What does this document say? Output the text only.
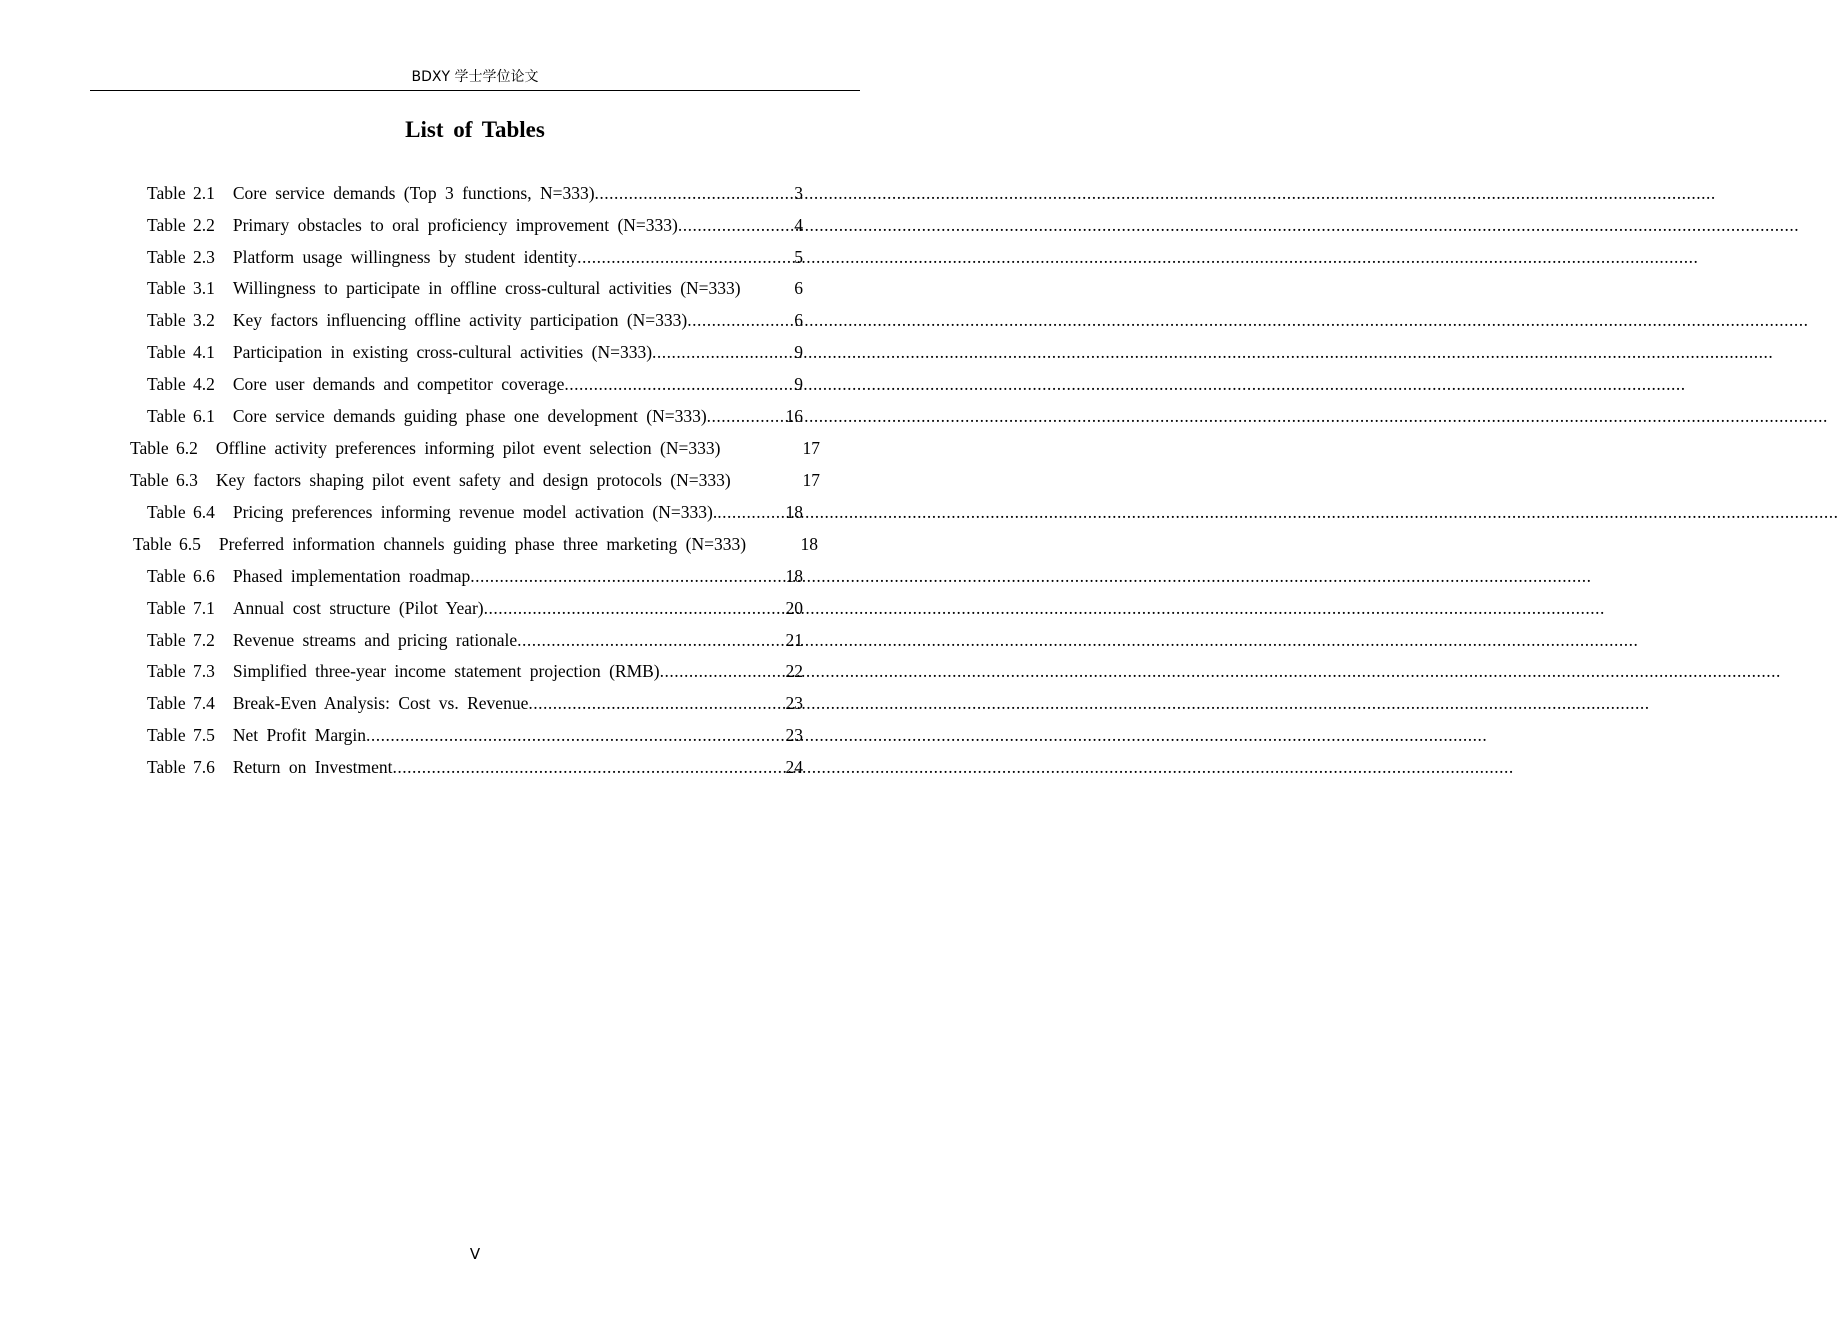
BDXY 学士学位论文
List of Tables
Table 2.1 Core service demands (Top 3 functions, N=333) .....	3
Table 2.2 Primary obstacles to oral proficiency improvement (N=333) .....	4
Table 2.3 Platform usage willingness by student identity .....	5
Table 3.1 Willingness to participate in offline cross-cultural activities (N=333)	6
Table 3.2 Key factors influencing offline activity participation (N=333) .....	6
Table 4.1 Participation in existing cross-cultural activities (N=333) .....	9
Table 4.2 Core user demands and competitor coverage .....	9
Table 6.1 Core service demands guiding phase one development (N=333) .....	16
Table 6.2 Offline activity preferences informing pilot event selection (N=333)	17
Table 6.3 Key factors shaping pilot event safety and design protocols (N=333)	17
Table 6.4 Pricing preferences informing revenue model activation (N=333). .....	18
Table 6.5 Preferred information channels guiding phase three marketing (N=333)	18
Table 6.6 Phased implementation roadmap .....	18
Table 7.1 Annual cost structure (Pilot Year) .....	20
Table 7.2 Revenue streams and pricing rationale .....	21
Table 7.3 Simplified three-year income statement projection (RMB) .....	22
Table 7.4 Break-Even Analysis: Cost vs. Revenue .....	23
Table 7.5 Net Profit Margin .....	23
Table 7.6 Return on Investment .....	24
V
